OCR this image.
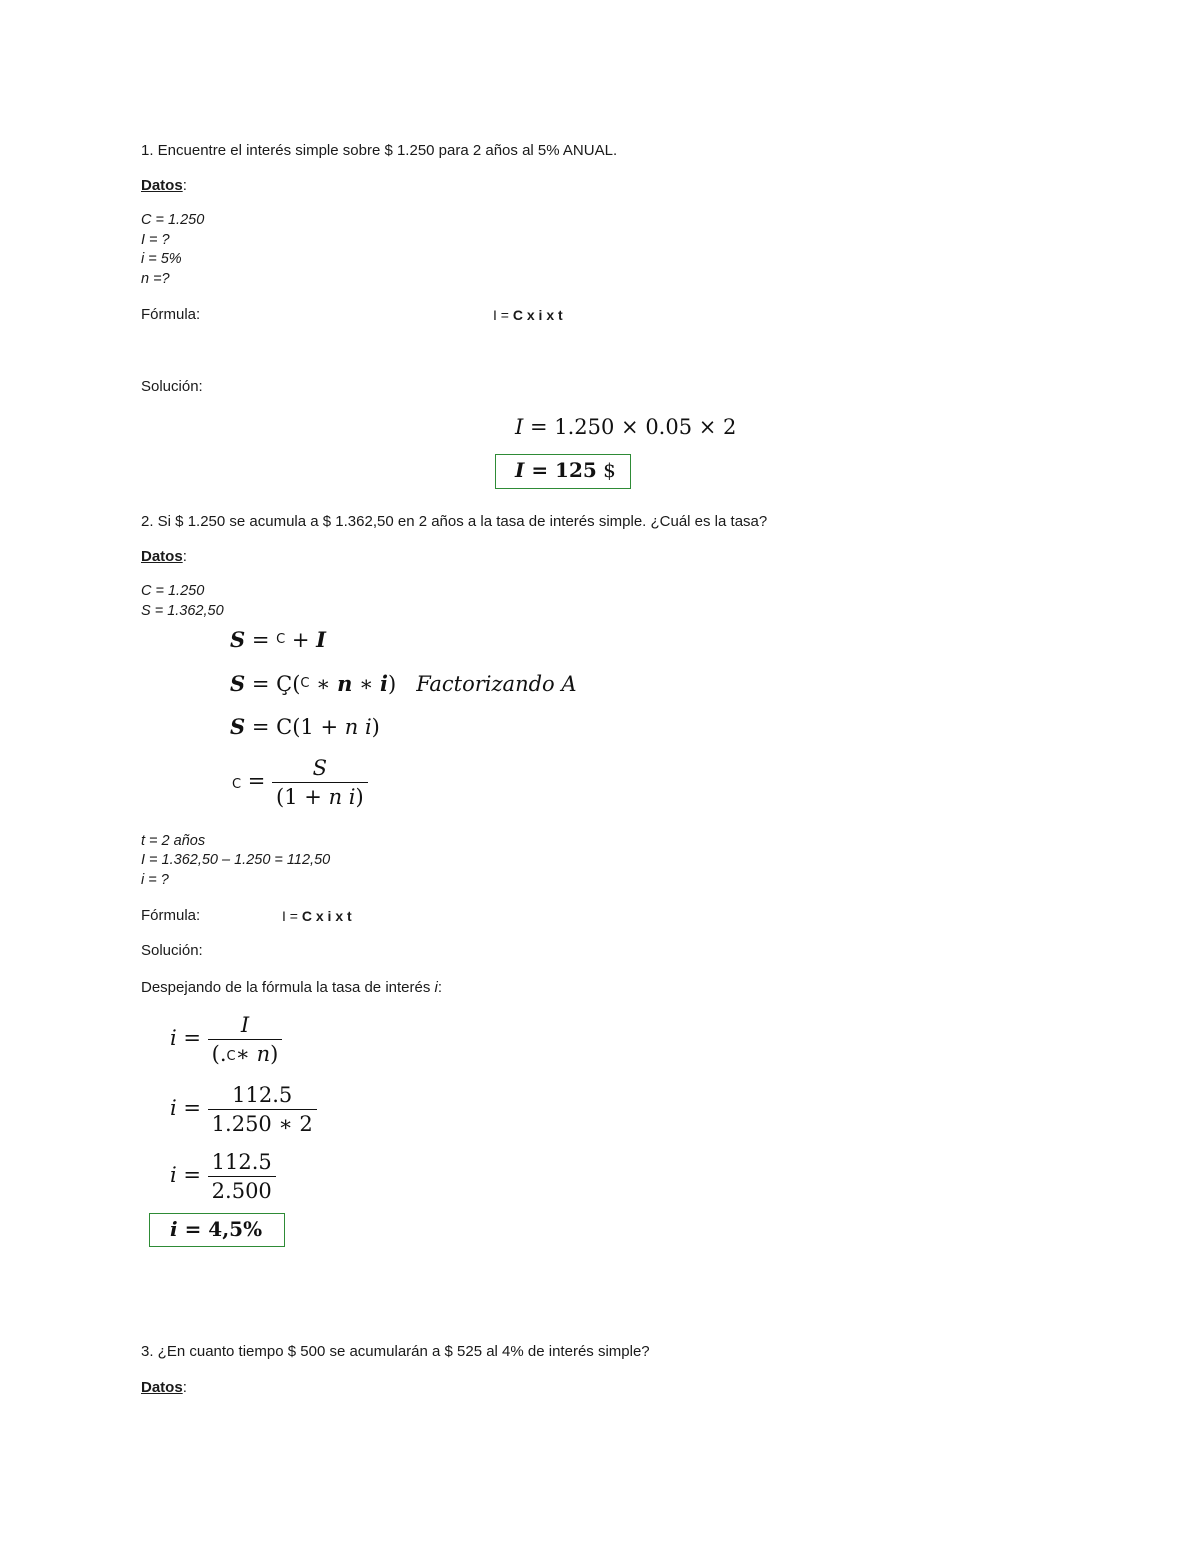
1. Encuentre el interés simple sobre $ 1.250 para 2 años al 5% ANUAL.
Datos:
C = 1.250
I = ?
i = 5%
n =?
Fórmula:	I = C x i x t
Solución:
I = 1.250 × 0.05 × 2
I = 125 $
2. Si $ 1.250 se acumula a $ 1.362,50 en 2 años a la tasa de interés simple. ¿Cuál es la tasa?
Datos:
C = 1.250
S = 1.362,50
S = C + I
S = Ç(C ∗ n ∗ i)   Factorizando A
S = C(1 + n i)
$C = \frac{S}{\text{(1 + n i)}}$
t = 2 años
I = 1.362,50 – 1.250 = 112,50
i = ?
Fórmula:	I = C x i x t
Solución:
Despejando de la fórmula la tasa de interés i:
$i = \frac{I}{(.C∗ n)}$
$i = \frac{112.5}{1.250 ∗ 2}$
$i = \frac{112.5}{2.500}$
i = 4,5%
3. ¿En cuanto tiempo $ 500 se acumularán a $ 525 al 4% de interés simple?
Datos:
